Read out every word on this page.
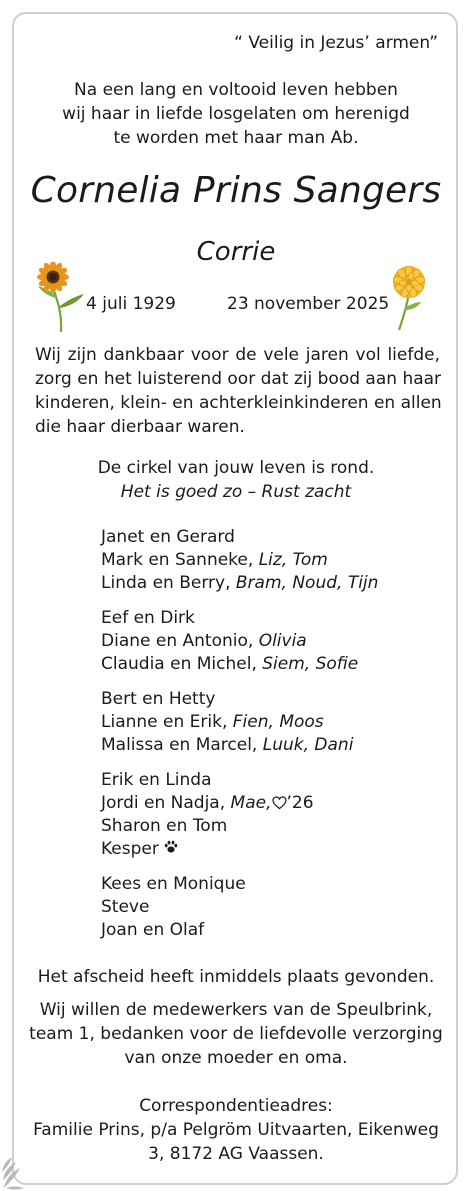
“ Veilig in Jezus’ armen”
Na een lang en voltooid leven hebben
wij haar in liefde losgelaten om herenigd
te worden met haar man Ab.
Cornelia Prins Sangers
Corrie
4 juli 1929	23 november 2025
Wij zijn dankbaar voor de vele jaren vol liefde,
zorg en het luisterend oor dat zij bood aan haar
kinderen, klein- en achterkleinkinderen en allen
die haar dierbaar waren.
De cirkel van jouw leven is rond.
Het is goed zo – Rust zacht
Janet en Gerard
Mark en Sanneke, Liz, Tom
Linda en Berry, Bram, Noud, Tijn
Eef en Dirk
Diane en Antonio, Olivia
Claudia en Michel, Siem, Sofie
Bert en Hetty
Lianne en Erik, Fien, Moos
Malissa en Marcel, Luuk, Dani
Erik en Linda
Jordi en Nadja, Mae, ’26
Sharon en Tom
Kesper
Kees en Monique
Steve
Joan en Olaf
Het afscheid heeft inmiddels plaats gevonden.
Wij willen de medewerkers van de Speulbrink,
team 1, bedanken voor de liefdevolle verzorging
van onze moeder en oma.
Correspondentieadres:
Familie Prins, p/a Pelgröm Uitvaarten, Eikenweg
3, 8172 AG Vaassen.
